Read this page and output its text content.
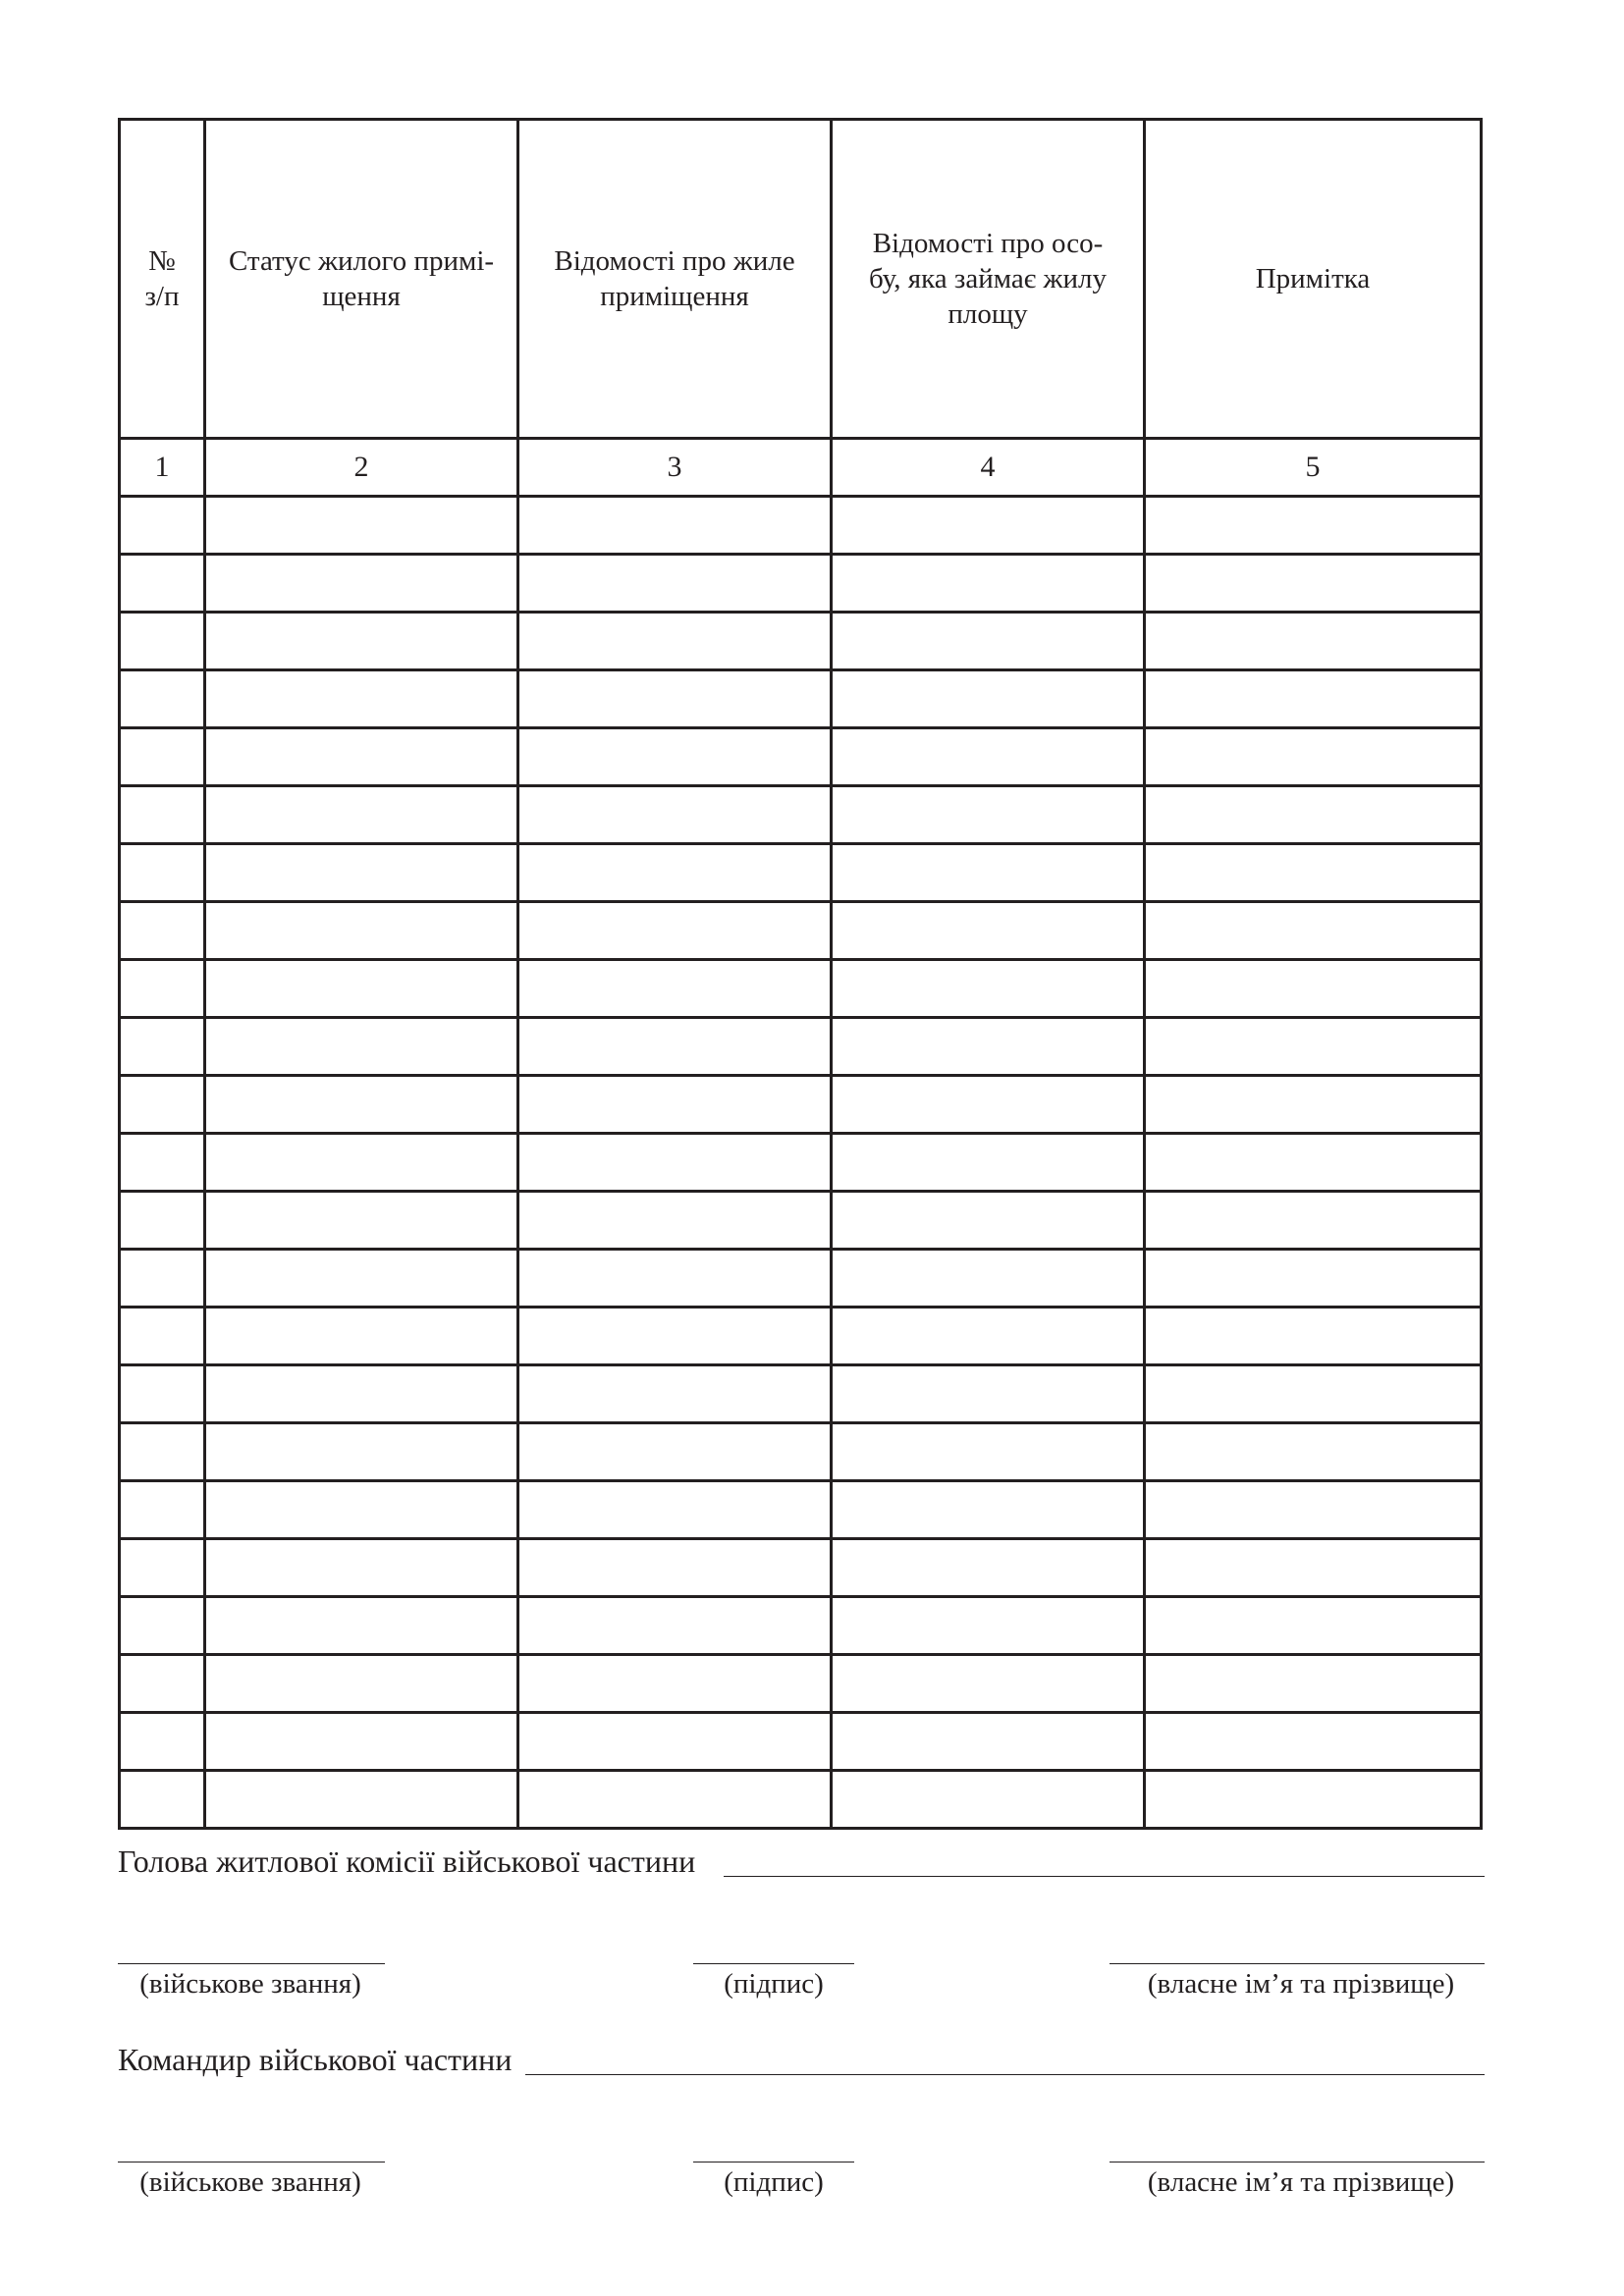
№ з/п	Статус жилого примі-щення	Відомості про жиле приміщення	Відомості про осо-бу, яка займає жилу площу	Примітка
1	2	3	4	5

Голова житлової комісії військової частини
(військове звання)	(підпис)	(власне ім’я та прізвище)
Командир військової частини
(військове звання)	(підпис)	(власне ім’я та прізвище)
